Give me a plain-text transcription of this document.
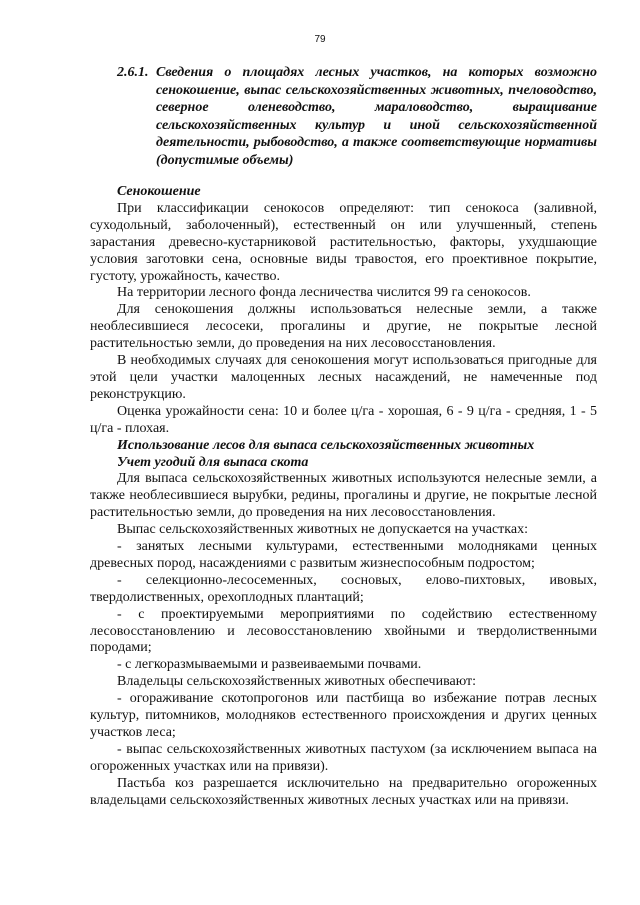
79
2.6.1. Сведения о площадях лесных участков, на которых возможно сенокошение, выпас сельскохозяйственных животных, пчеловодство, северное оленеводство, мараловодство, выращивание сельскохозяйственных культур и иной сельскохозяйственной деятельности, рыбоводство, а также соответствующие нормативы (допустимые объемы)

Сенокошение

При классификации сенокосов определяют: тип сенокоса (заливной, суходольный, заболоченный), естественный он или улучшенный, степень зарастания древесно-кустарниковой растительностью, факторы, ухудшающие условия заготовки сена, основные виды травостоя, его проективное покрытие, густоту, урожайность, качество.

На территории лесного фонда лесничества числится 99 га сенокосов.

Для сенокошения должны использоваться нелесные земли, а также необлесившиеся лесосеки, прогалины и другие, не покрытые лесной растительностью земли, до проведения на них лесовосстановления.

В необходимых случаях для сенокошения могут использоваться пригодные для этой цели участки малоценных лесных насаждений, не намеченные под реконструкцию.

Оценка урожайности сена: 10 и более ц/га - хорошая, 6 - 9 ц/га - средняя, 1 - 5 ц/га - плохая.

Использование лесов для выпаса сельскохозяйственных животных

Учет угодий для выпаса скота

Для выпаса сельскохозяйственных животных используются нелесные земли, а также необлесившиеся вырубки, редины, прогалины и другие, не покрытые лесной растительностью земли, до проведения на них лесовосстановления.

Выпас сельскохозяйственных животных не допускается на участках:

- занятых лесными культурами, естественными молодняками ценных древесных пород, насаждениями с развитым жизнеспособным подростом;

- селекционно-лесосеменных, сосновых, елово-пихтовых, ивовых, твердолиственных, орехоплодных плантаций;

- с проектируемыми мероприятиями по содействию естественному лесовосстановлению и лесовосстановлению хвойными и твердолиственными породами;

- с легкоразмываемыми и развеиваемыми почвами.

Владельцы сельскохозяйственных животных обеспечивают:

- огораживание скотопрогонов или пастбища во избежание потрав лесных культур, питомников, молодняков естественного происхождения и других ценных участков леса;

- выпас сельскохозяйственных животных пастухом (за исключением выпаса на огороженных участках или на привязи).

Пастьба коз разрешается исключительно на предварительно огороженных владельцами сельскохозяйственных животных лесных участках или на привязи.
